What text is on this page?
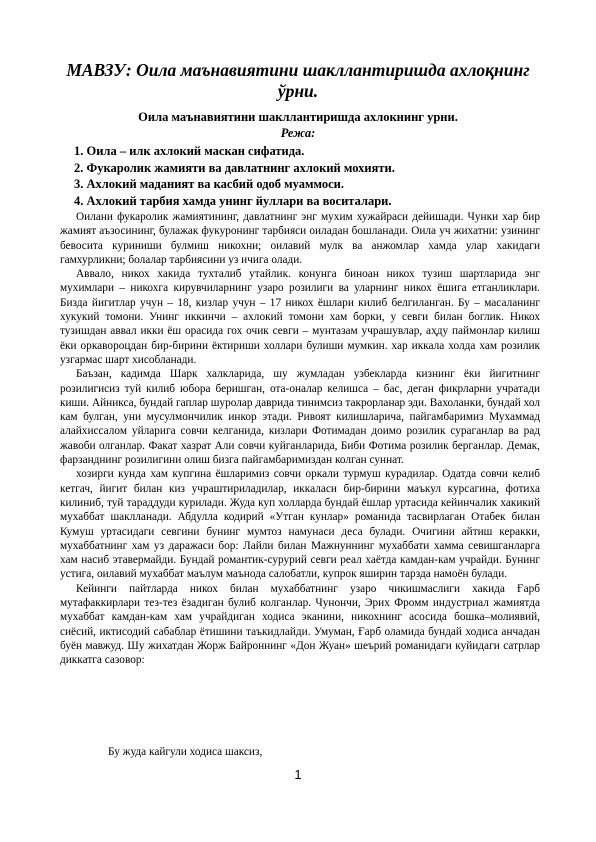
МАВЗУ: Оила маънавиятини шакллантиришда ахлоқнинг ўрни.
Оила маънавиятини шакллантиришда ахлокнинг урни.
Режа:
1. Оила – илк ахлокий маскан сифатида.
2. Фукаролик жамияти ва давлатнинг ахлокий мохияти.
3. Ахлокий маданият ва касбий одоб муаммоси.
4. Ахлокий тарбия хамда унинг йуллари ва воситалари.

Оилани фукаролик жамиятининг, давлатнинг энг мухим хужайраси дейишади. Чунки хар бир жамият аъзосининг, булажак фукуронинг тарбияси оиладан бошланади. Оила уч жихатни: узининг бевосита куриниши булмиш никохни; оилавий мулк ва анжомлар хамда улар хакидаги гамхурликни; болалар тарбиясини уз ичига олади.

Аввало, никох хакида тухталиб утайлик. конунга биноан никох тузиш шартларида энг мухимлари – никохга кирувчиларнинг узаро розилиги ва уларнинг никох ёшига етганликлари. Бизда йигитлар учун – 18, кизлар учун – 17 никох ёшлари килиб белгиланган. Бу – масаланинг хукукий томони. Унинг иккинчи – ахлокий томони хам борки, у севги билан боглик. Никох тузишдан аввал икки ёш орасида гох очик севги – мунтазам учрашувлар, аҳду паймонлар килиш ёки оркавороцдан бир-бирини ёктириши холлари булиши мумкин. хар иккала холда хам розилик узгармас шарт хисобланади.

Баъзан, кадимда Шарк халкларида, шу жумладан узбекларда кизнинг ёки йигитнинг розилигисиз туй килиб юбора беришган, ота-оналар келишса – бас, деган фикрларни учратади киши. Айникса, бундай гаплар шуролар даврида тинимсиз такрорланар эди. Вахоланки, бундай хол кам булган, уни мусулмончилик инкор этади. Ривоят килишларича, пайгамбаримиз Мухаммад алайхиссалом уйларига совчи келганида, кизлари Фотимадан доимо розилик сураганлар ва рад жавоби олганлар. Факат хазрат Али совчи куйганларида, Биби Фотима розилик берганлар. Демак, фарзанднинг розилигини олиш бизга пайгамбаримиздан колган суннат.

хозирги кунда хам купгина ёшларимиз совчи оркали турмуш курадилар. Одатда совчи келиб кетгач, йигит билан киз учраштириладилар, иккаласи бир-бирини маъкул курсагина, фотиха килиниб, туй тараддуди курилади. Жуда куп холларда бундай ёшлар уртасида кейинчалик хакикий мухаббат шаклланади. Абдулла кодирий «Утган кунлар» романида тасвирлаган Отабек билан Кумуш уртасидаги севгини бунинг мумтоз намунаси деса булади. Очигини айтиш керакки, мухаббатнинг хам уз даражаси бор: Лайли билан Мажнуннинг мухаббати хамма севишганларга хам насиб этавермайди. Бундай романтик-сурурий севги реал хаётда камдан-кам учрайди. Бунинг устига, оилавий мухаббат маълум маънода салобатли, купрок яширин тарзда намоён булади.

Кейинги пайтларда никох билан мухаббатнинг узаро чикишмаслиги хакида Ғарб мутафаккирлари тез-тез ёзадиган булиб колганлар. Чунончи, Эрих Фромм индустриал жамиятда мухаббат камдан-кам хам учрайдиган ходиса эканини, никохнинг асосида бошка–молиявий, сиёсий, иктисодий сабаблар ётишини таъкидлайди. Умуман, Ғарб оламида бундай ходиса анчадан буён мавжуд. Шу жихатдан Жорж Байроннинг «Дон Жуан» шеърий романидаги куйидаги сатрлар диккатга сазовор:

Бу жуда кайгули ходиса шаксиз,
1
